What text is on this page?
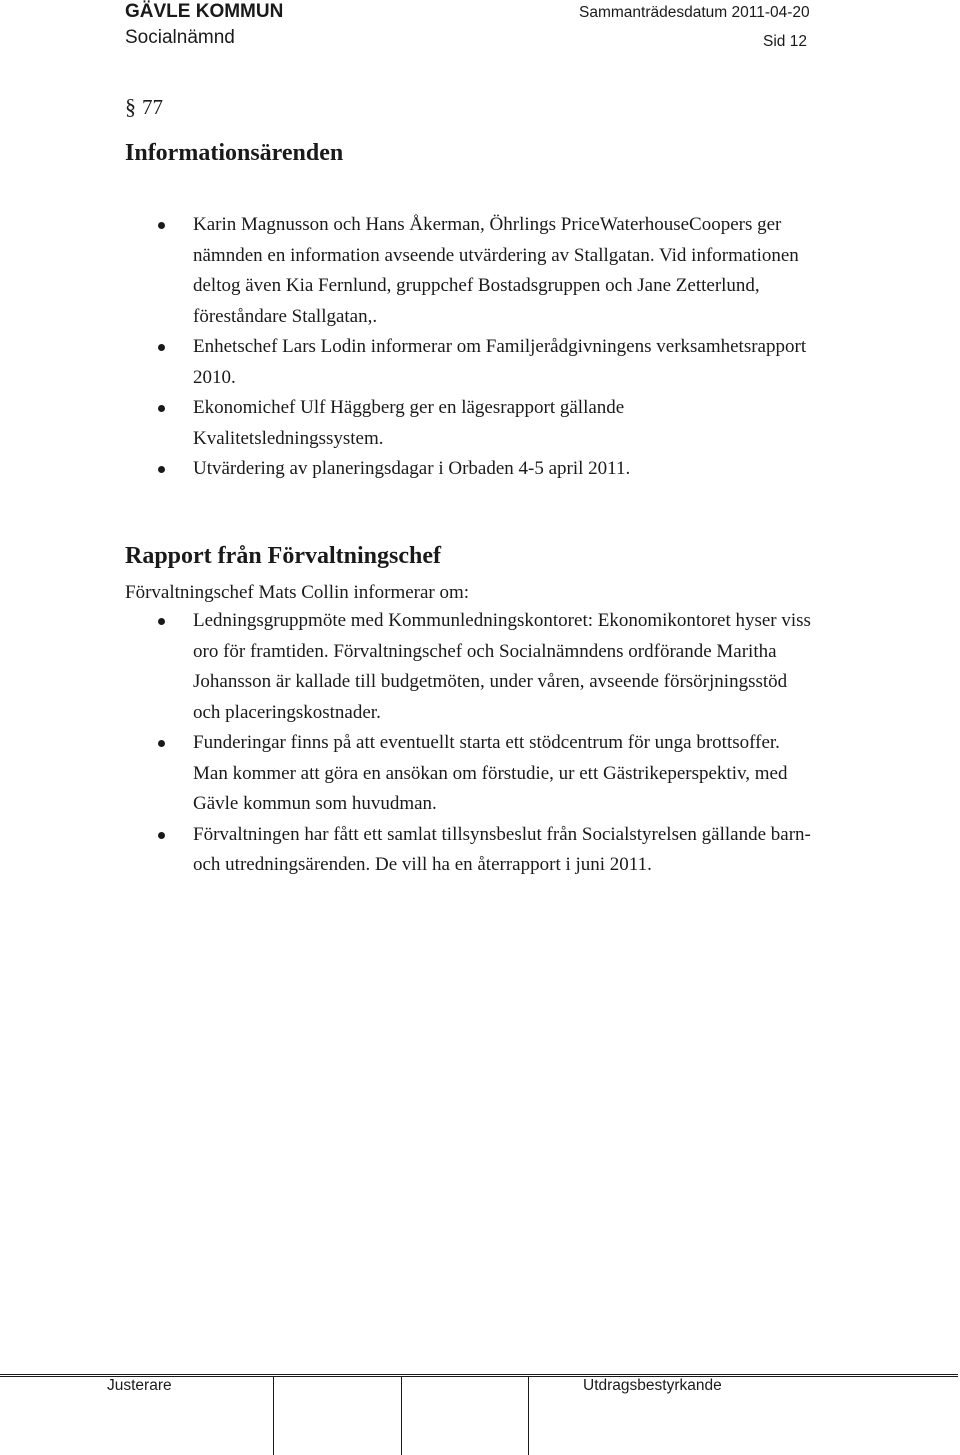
GÄVLE KOMMUN
Socialnämnd
Sammanträdesdatum 2011-04-20
Sid 12
§ 77
Informationsärenden
Karin Magnusson och Hans Åkerman, Öhrlings PriceWaterhouseCoopers ger nämnden en information avseende utvärdering av Stallgatan. Vid informationen deltog även Kia Fernlund, gruppchef Bostadsgruppen och Jane Zetterlund, föreståndare Stallgatan,.
Enhetschef Lars Lodin informerar om Familjerådgivningens verksamhetsrapport 2010.
Ekonomichef Ulf Häggberg ger en lägesrapport gällande Kvalitetsledningssystem.
Utvärdering av planeringsdagar i Orbaden 4-5 april 2011.
Rapport från Förvaltningschef
Förvaltningschef Mats Collin informerar om:
Ledningsgruppmöte med Kommunledningskontoret: Ekonomikontoret hyser viss oro för framtiden. Förvaltningschef och Socialnämndens ordförande Maritha Johansson är kallade till budgetmöten, under våren, avseende försörjningsstöd och placeringskostnader.
Funderingar finns på att eventuellt starta ett stödcentrum för unga brottsoffer. Man kommer att göra en ansökan om förstudie, ur ett Gästrikeperspektiv, med Gävle kommun som huvudman.
Förvaltningen har fått ett samlat tillsynsbeslut från Socialstyrelsen gällande barn- och utredningsärenden. De vill ha en återrapport i juni 2011.
Justerare	Utdragsbestyrkande
